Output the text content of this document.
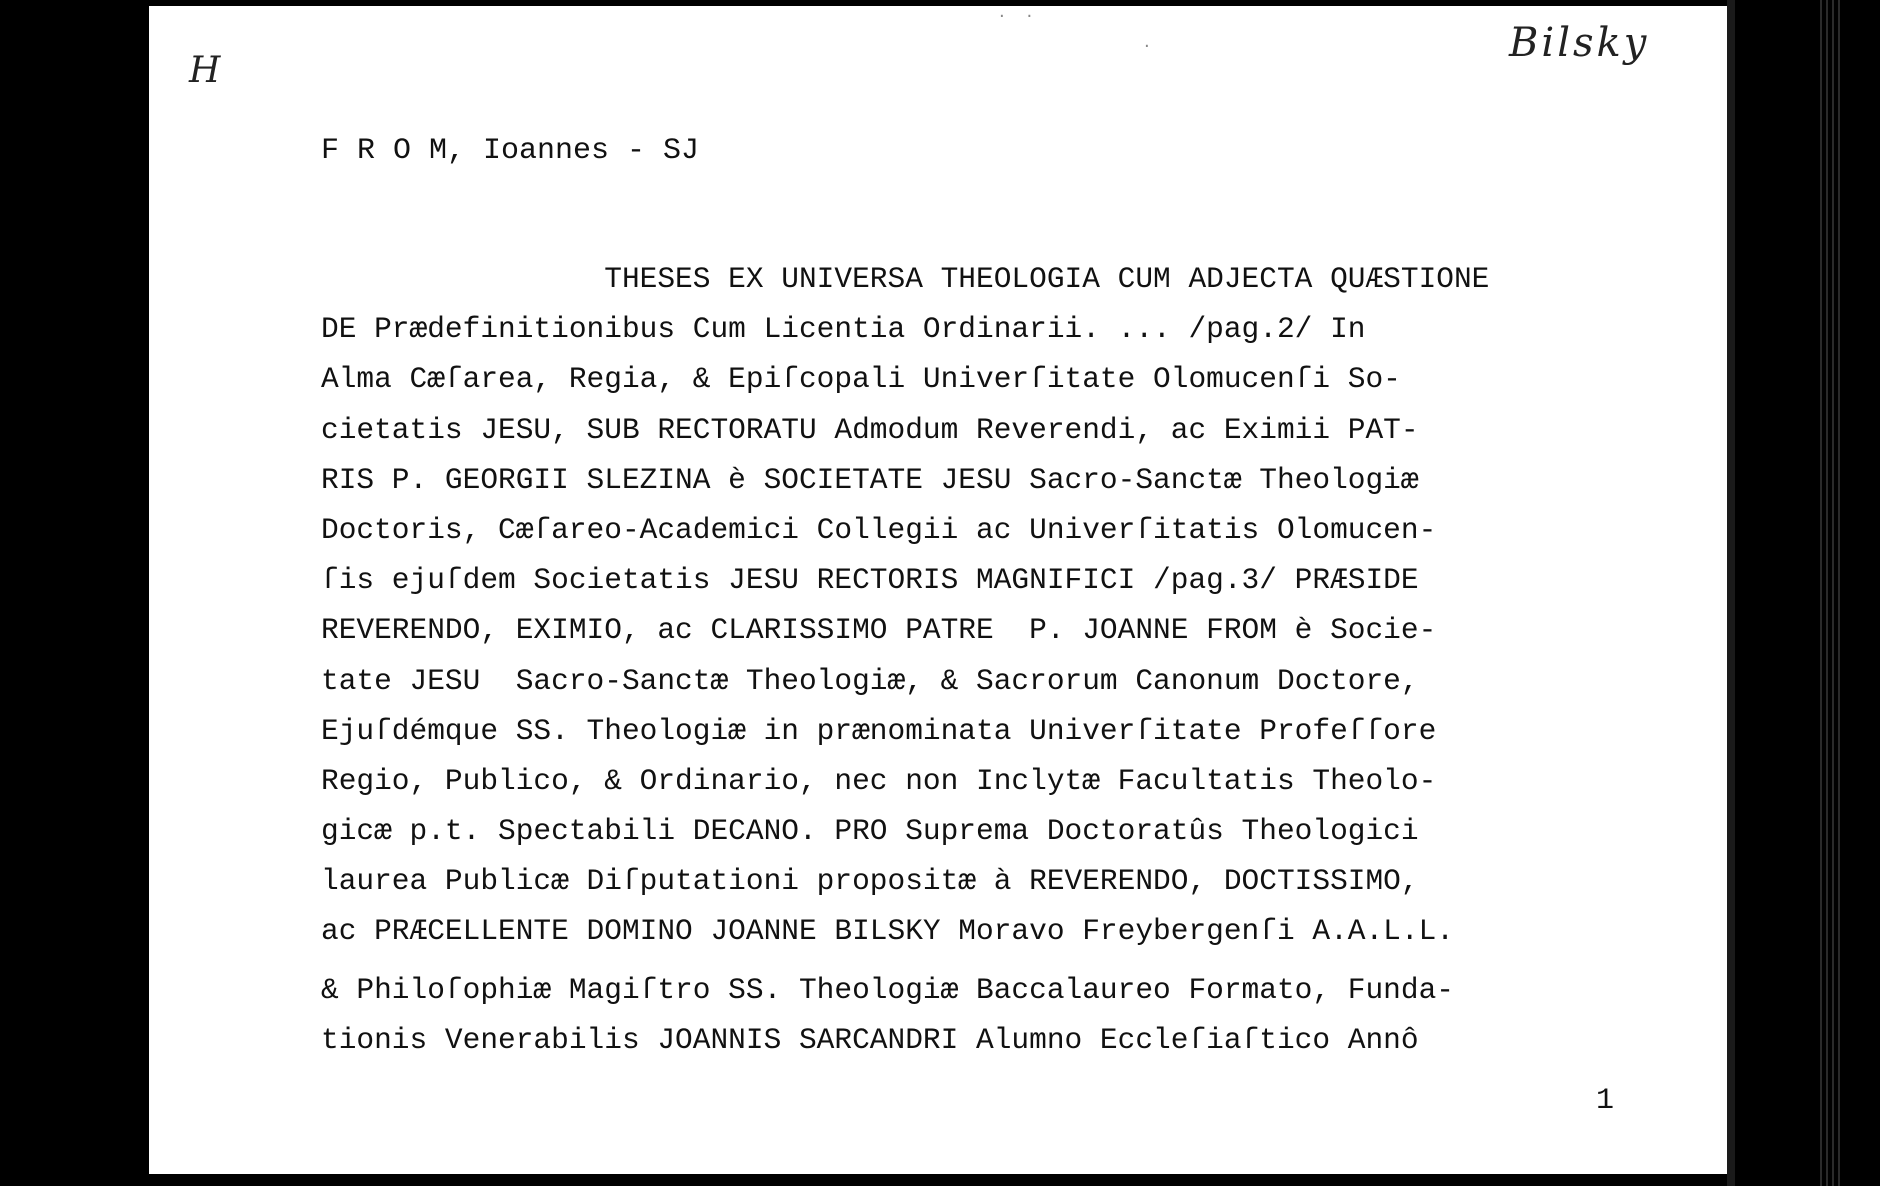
H
Bilsky
· ·
·
F R O M, Ioannes - SJ
THESES EX UNIVERSA THEOLOGIA CUM ADJECTA QUÆSTIONE
DE Prædefinitionibus Cum Licentia Ordinarii. ... /pag.2/ In
Alma Cæſarea, Regia, & Epiſcopali Univerſitate Olomucenſi So-
cietatis JESU, SUB RECTORATU Admodum Reverendi, ac Eximii PAT-
RIS P. GEORGII SLEZINA è SOCIETATE JESU Sacro-Sanctæ Theologiæ
Doctoris, Cæſareo-Academici Collegii ac Univerſitatis Olomucen-
ſis ejuſdem Societatis JESU RECTORIS MAGNIFICI /pag.3/ PRÆSIDE
REVERENDO, EXIMIO, ac CLARISSIMO PATRE  P. JOANNE FROM è Socie-
tate JESU  Sacro-Sanctæ Theologiæ, & Sacrorum Canonum Doctore,
Ejuſdémque SS. Theologiæ in prænominata Univerſitate Profeſſore
Regio, Publico, & Ordinario, nec non Inclytæ Facultatis Theolo-
gicæ p.t. Spectabili DECANO. PRO Suprema Doctoratûs Theologici
laurea Publicæ Diſputationi propositæ à REVERENDO, DOCTISSIMO,
ac PRÆCELLENTE DOMINO JOANNE BILSKY Moravo Freybergenſi A.A.L.L.
& Philoſophiæ Magiſtro SS. Theologiæ Baccalaureo Formato, Funda-
tionis Venerabilis JOANNIS SARCANDRI Alumno Eccleſiaſtico Annô
1
